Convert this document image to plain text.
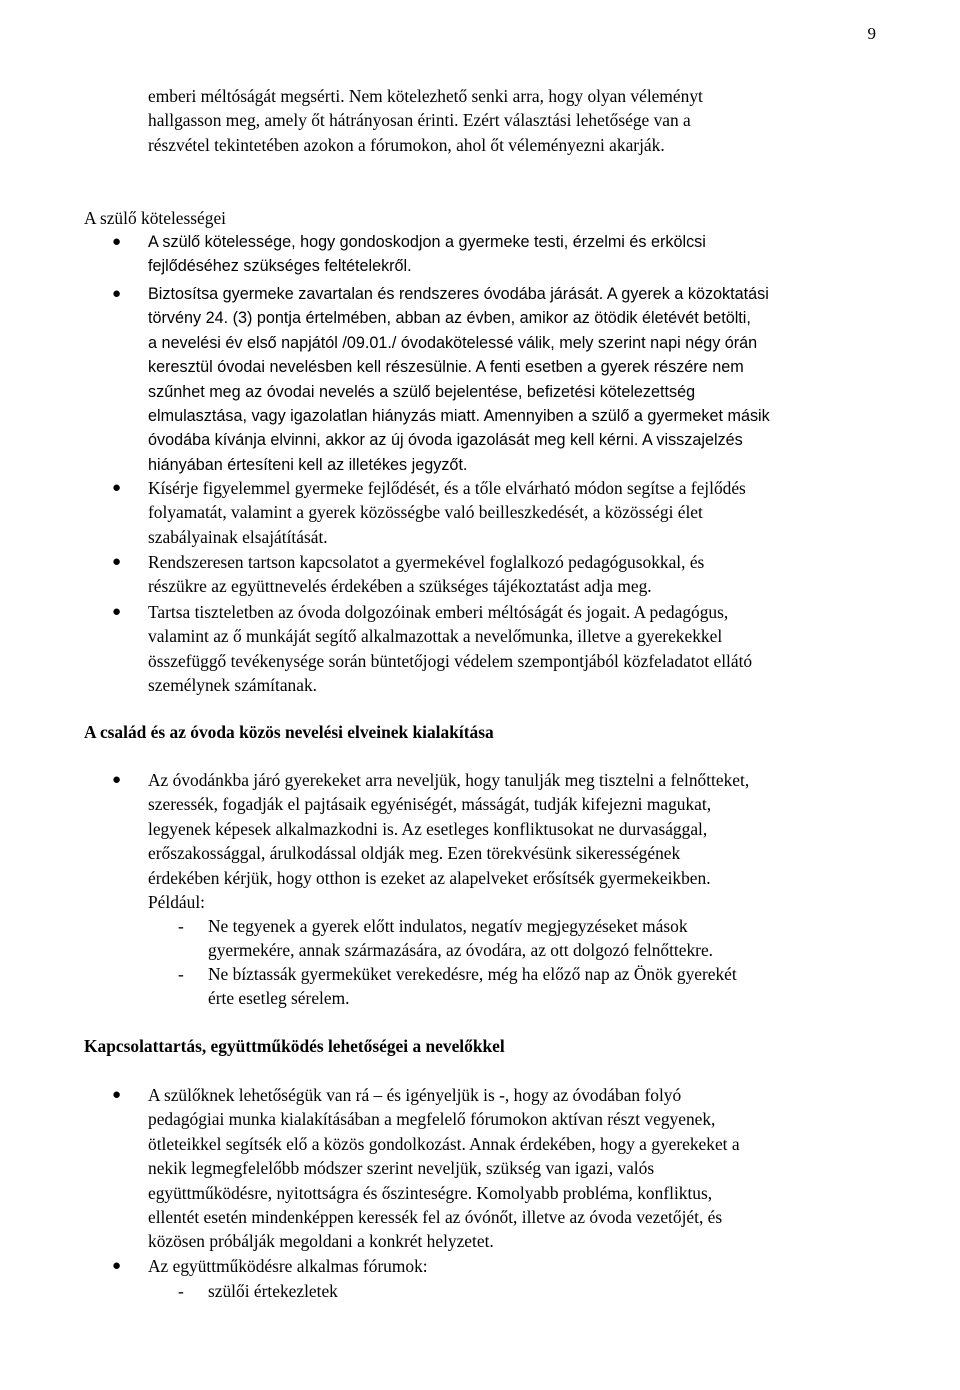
9

emberi méltóságát megsérti. Nem kötelezhető senki arra, hogy olyan véleményt

hallgasson meg, amely őt hátrányosan érinti. Ezért választási lehetősége van a

részvétel tekintetében azokon a fórumokon, ahol őt véleményezni akarják.

A szülő kötelességei
● A szülő kötelessége, hogy gondoskodjon a gyermeke testi, érzelmi és erkölcsi

fejlődéséhez szükséges feltételekről.

● Biztosítsa gyermeke zavartalan és rendszeres óvodába járását. A gyerek a közoktatási

törvény 24. (3) pontja értelmében, abban az évben, amikor az ötödik életévét betölti,

a nevelési év első napjától /09.01./ óvodakötelessé válik, mely szerint napi négy órán

keresztül óvodai nevelésben kell részesülnie. A fenti esetben a gyerek részére nem

szűnhet meg az óvodai nevelés a szülő bejelentése, befizetési kötelezettség

elmulasztása, vagy igazolatlan hiányzás miatt. Amennyiben a szülő a gyermeket másik

óvodába kívánja elvinni, akkor az új óvoda igazolását meg kell kérni. A visszajelzés

hiányában értesíteni kell az illetékes jegyzőt.

● Kísérje figyelemmel gyermeke fejlődését, és a tőle elvárható módon segítse a fejlődés

folyamatát, valamint a gyerek közösségbe való beilleszkedését, a közösségi élet

szabályainak elsajátítását.

● Rendszeresen tartson kapcsolatot a gyermekével foglalkozó pedagógusokkal, és

részükre az együttnevelés érdekében a szükséges tájékoztatást adja meg.

● Tartsa tiszteletben az óvoda dolgozóinak emberi méltóságát és jogait. A pedagógus,

valamint az ő munkáját segítő alkalmazottak a nevelőmunka, illetve a gyerekekkel

összefüggő tevékenysége során büntetőjogi védelem szempontjából közfeladatot ellátó

személynek számítanak.

A család és az óvoda közös nevelési elveinek kialakítása
● Az óvodánkba járó gyerekeket arra neveljük, hogy tanulják meg tisztelni a felnőtteket,

szeressék, fogadják el pajtásaik egyéniségét, másságát, tudják kifejezni magukat,

legyenek képesek alkalmazkodni is. Az esetleges konfliktusokat ne durvasággal,

erőszakossággal, árulkodással oldják meg. Ezen törekvésünk sikerességének

érdekében kérjük, hogy otthon is ezeket az alapelveket erősítsék gyermekeikben.

Például:

- Ne tegyenek a gyerek előtt indulatos, negatív megjegyzéseket mások

gyermekére, annak származására, az óvodára, az ott dolgozó felnőttekre.

- Ne bíztassák gyermeküket verekedésre, még ha előző nap az Önök gyerekét

érte esetleg sérelem.

Kapcsolattartás, együttműködés lehetőségei a nevelőkkel
● A szülőknek lehetőségük van rá – és igényeljük is -, hogy az óvodában folyó

pedagógiai munka kialakításában a megfelelő fórumokon aktívan részt vegyenek,

ötleteikkel segítsék elő a közös gondolkozást. Annak érdekében, hogy a gyerekeket a

nekik legmegfelelőbb módszer szerint neveljük, szükség van igazi, valós

együttműködésre, nyitottságra és őszinteségre. Komolyabb probléma, konfliktus,

ellentét esetén mindenképpen keressék fel az óvónőt, illetve az óvoda vezetőjét, és

közösen próbálják megoldani a konkrét helyzetet.

● Az együttműködésre alkalmas fórumok:

- szülői értekezletek
